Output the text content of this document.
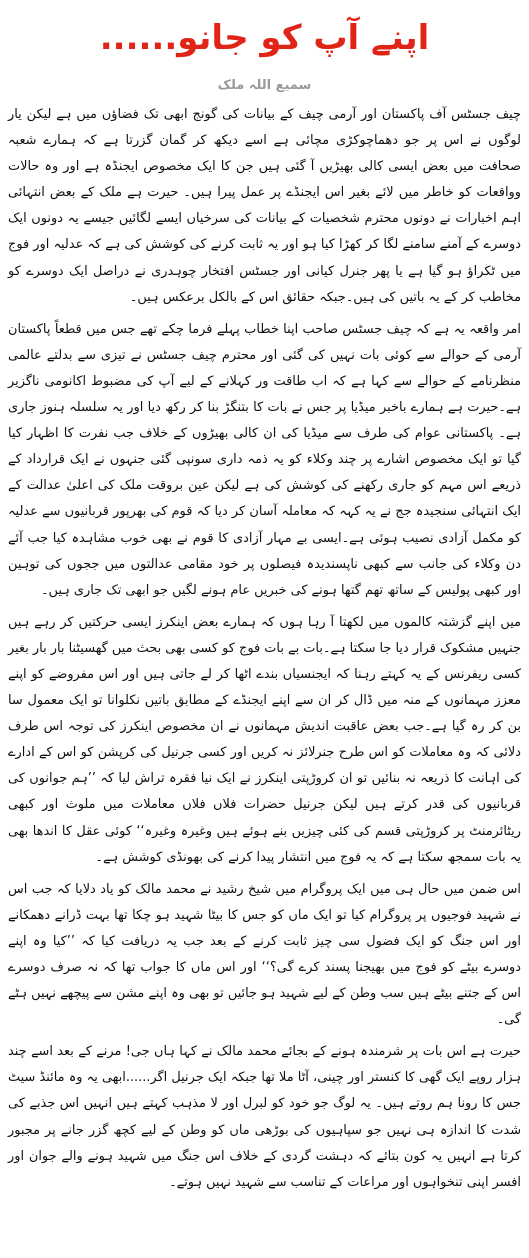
اپنے آپ کو جانو......
سمیع اللہ ملک

چیف جسٹس آف پاکستان اور آرمی چیف کے بیانات کی گونج ابھی تک فضاؤں میں ہے لیکن یار لوگوں نے اس پر جو دھماچوکڑی مچائی ہے اسے دیکھ کر گمان گزرتا ہے کہ ہمارے شعبہ صحافت میں بعض ایسی کالی بھیڑیں آ گئی ہیں جن کا ایک مخصوص ایجنڈہ ہے اور وہ حالات وواقعات کو خاطر میں لائے بغیر اس ایجنڈے پر عمل پیرا ہیں۔ حیرت ہے ملک کے بعض انتہائی اہم اخبارات نے دونوں محترم شخصیات کے بیانات کی سرخیاں ایسے لگائیں جیسے یہ دونوں ایک دوسرے کے آمنے سامنے لگا کر کھڑا کیا ہو اور یہ ثابت کرنے کی کوشش کی ہے کہ عدلیہ اور فوج میں ٹکراؤ ہو گیا ہے یا پھر جنرل کیانی اور جسٹس افتخار چوہدری نے دراصل ایک دوسرے کو مخاطب کر کے یہ باتیں کی ہیں۔جبکہ حقائق اس کے بالکل برعکس ہیں۔

امر واقعہ یہ ہے کہ چیف جسٹس صاحب اپنا خطاب پہلے فرما چکے تھے جس میں قطعاً پاکستان آرمی کے حوالے سے کوئی بات نہیں کی گئی اور محترم چیف جسٹس نے تیزی سے بدلتے عالمی منظرنامے کے حوالے سے کہا ہے کہ اب طاقت ور کہلانے کے لیے آپ کی مضبوط اکانومی ناگزیر ہے۔حیرت ہے ہمارے باخبر میڈیا پر جس نے بات کا بتنگڑ بنا کر رکھ دیا اور یہ سلسلہ ہنوز جاری ہے۔ پاکستانی عوام کی طرف سے میڈیا کی ان کالی بھیڑوں کے خلاف جب نفرت کا اظہار کیا گیا تو ایک مخصوص اشارے پر چند وکلاء کو یہ ذمہ داری سونپی گئی جنہوں نے ایک قرارداد کے ذریعے اس مہم کو جاری رکھنے کی کوشش کی ہے لیکن عین بروقت ملک کی اعلیٰ عدالت کے ایک انتہائی سنجیدہ جج نے یہ کہہ کہ معاملہ آسان کر دیا کہ قوم کی بھرپور قربانیوں سے عدلیہ کو مکمل آزادی نصیب ہوئی ہے۔ایسی بے مہار آزادی کا قوم نے بھی خوب مشاہدہ کیا جب آئے دن وکلاء کی جانب سے کبھی ناپسندیدہ فیصلوں پر خود مقامی عدالتوں میں ججوں کی توہین اور کبھی پولیس کے ساتھ تھم گتھا ہونے کی خبریں عام ہونے لگیں جو ابھی تک جاری ہیں۔

میں اپنے گزشتہ کالموں میں لکھتا آ رہا ہوں کہ ہمارے بعض اینکرز ایسی حرکتیں کر رہے ہیں جنہیں مشکوک قرار دیا جا سکتا ہے۔بات بے بات فوج کو کسی بھی بحث میں گھسیٹنا بار بار بغیر کسی ریفرنس کے یہ کہتے رہنا کہ ایجنسیاں بندے اٹھا کر لے جاتی ہیں اور اس مفروضے کو اپنے معزز مہمانوں کے منہ میں ڈال کر ان سے اپنے ایجنڈے کے مطابق باتیں نکلوانا تو ایک معمول سا بن کر رہ گیا ہے۔جب بعض عاقبت اندیش مہمانوں نے ان مخصوص اینکرز کی توجہ اس طرف دلائی کہ وہ معاملات کو اس طرح جنرلائز نہ کریں اور کسی جرنیل کی کرپشن کو اس کے ادارے کی اہانت کا ذریعہ نہ بنائیں تو ان کروڑپتی اینکرز نے ایک نیا فقرہ تراش لیا کہ ’’ہم جوانوں کی قربانیوں کی قدر کرتے ہیں لیکن جرنیل حضرات فلاں فلاں معاملات میں ملوث اور کبھی ریٹائرمنٹ پر کروڑپتی قسم کی کئی چیزیں بنے ہوئے ہیں وغیرہ وغیرہ‘‘ کوئی عقل کا اندھا بھی یہ بات سمجھ سکتا ہے کہ یہ فوج میں انتشار پیدا کرنے کی بھونڈی کوشش ہے۔

اس ضمن میں حال ہی میں ایک پروگرام میں شیخ رشید نے محمد مالک کو یاد دلایا کہ جب اس نے شہید فوجیوں پر پروگرام کیا تو ایک ماں کو جس کا بیٹا شہید ہو چکا تھا بہت ڈرانے دھمکانے اور اس جنگ کو ایک فضول سی چیز ثابت کرنے کے بعد جب یہ دریافت کیا کہ ’’کیا وہ اپنے دوسرے بیٹے کو فوج میں بھیجنا پسند کرے گی؟‘‘ اور اس ماں کا جواب تھا کہ نہ صرف دوسرے اس کے جتنے بیٹے ہیں سب وطن کے لیے شہید ہو جائیں تو بھی وہ اپنے مشن سے پیچھے نہیں ہٹے گی۔

حیرت ہے اس بات پر شرمندہ ہونے کے بجائے محمد مالک نے کہا ہاں جی! مرنے کے بعد اسے چند ہزار روپے ایک گھی کا کنستر اور چینی، آٹا ملا تھا جبکہ ایک جرنیل اگر......ابھی یہ وہ مائنڈ سیٹ جس کا رونا ہم روتے ہیں۔ یہ لوگ جو خود کو لبرل اور لا مذہب کہتے ہیں انہیں اس جذبے کی شدت کا اندازہ ہی نہیں جو سپاہیوں کی بوڑھی ماں کو وطن کے لیے کچھ گزر جانے پر مجبور کرتا ہے انہیں یہ کون بتائے کہ دہشت گردی کے خلاف اس جنگ میں شہید ہونے والے جوان اور افسر اپنی تنخواہوں اور مراعات کے تناسب سے شہید نہیں ہوتے۔
